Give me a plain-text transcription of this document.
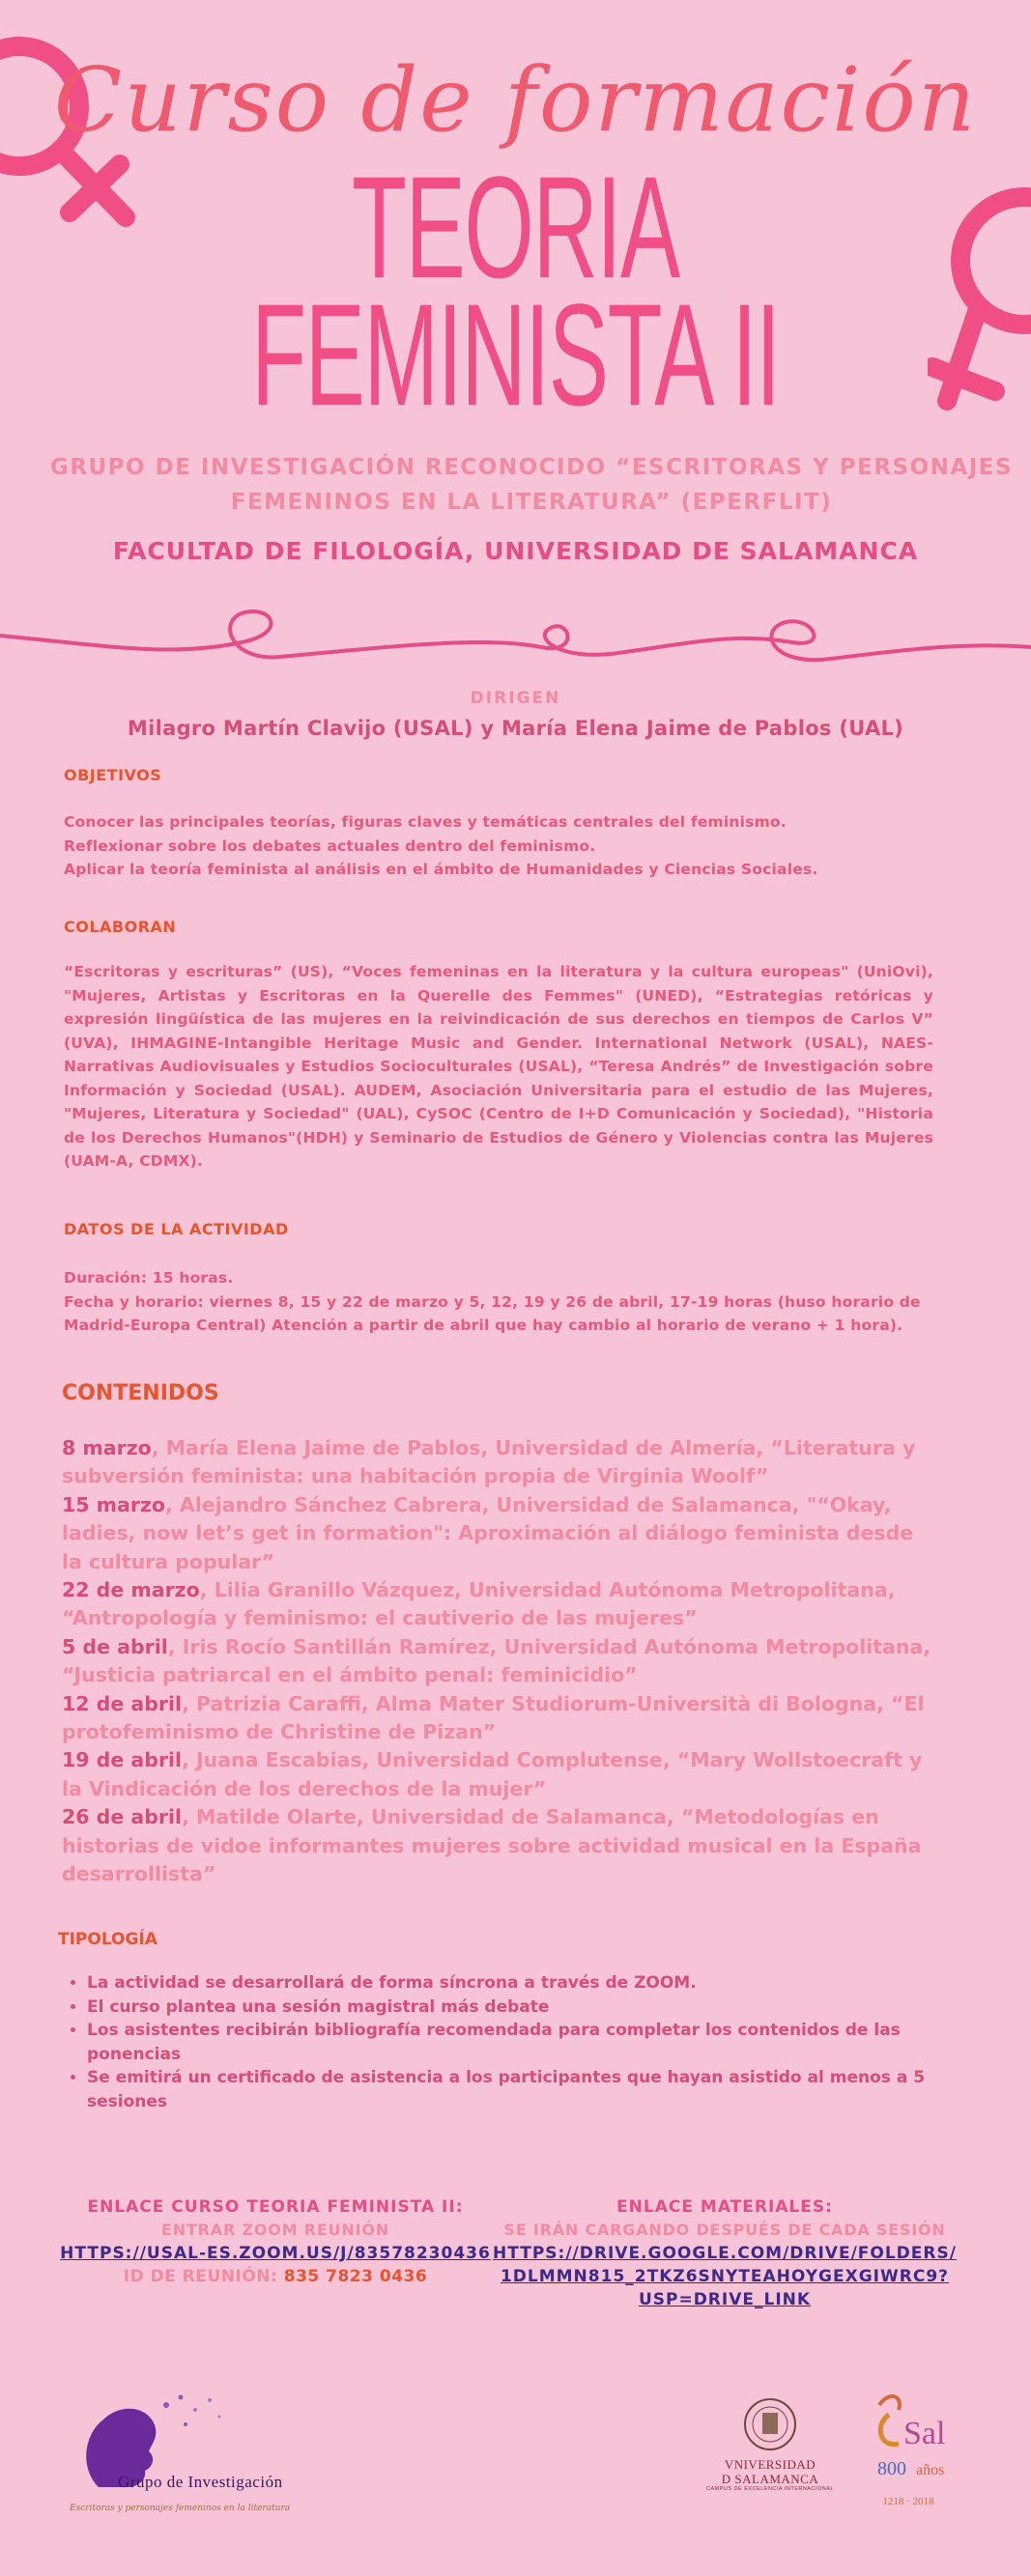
Curso de formación
TEORIA
FEMINISTA II
GRUPO DE INVESTIGACIÓN RECONOCIDO “ESCRITORAS Y PERSONAJES
FEMENINOS EN LA LITERATURA” (EPERFLIT)
FACULTAD DE FILOLOGÍA, UNIVERSIDAD DE SALAMANCA
DIRIGEN
Milagro Martín Clavijo (USAL) y María Elena Jaime de Pablos (UAL)
OBJETIVOS
Conocer las principales teorías, figuras claves y temáticas centrales del feminismo.
Reflexionar sobre los debates actuales dentro del feminismo.
Aplicar la teoría feminista al análisis en el ámbito de Humanidades y Ciencias Sociales.
COLABORAN
“Escritoras y escrituras” (US), “Voces femeninas en la literatura y la cultura europeas" (UniOvi), "Mujeres, Artistas y Escritoras en la Querelle des Femmes" (UNED), “Estrategias retóricas y expresión lingüística de las mujeres en la reivindicación de sus derechos en tiempos de Carlos V” (UVA), IHMAGINE-Intangible Heritage Music and Gender. International Network (USAL), NAES-Narrativas Audiovisuales y Estudios Socioculturales (USAL), “Teresa Andrés” de Investigación sobre Información y Sociedad (USAL). AUDEM, Asociación Universitaria para el estudio de las Mujeres, "Mujeres, Literatura y Sociedad" (UAL), CySOC (Centro de I+D Comunicación y Sociedad), "Historia de los Derechos Humanos"(HDH) y Seminario de Estudios de Género y Violencias contra las Mujeres (UAM-A, CDMX).
DATOS DE LA ACTIVIDAD
Duración: 15 horas.
Fecha y horario: viernes 8, 15 y 22 de marzo y 5, 12, 19 y 26 de abril, 17-19 horas (huso horario de Madrid-Europa Central) Atención a partir de abril que hay cambio al horario de verano + 1 hora).
CONTENIDOS
8 marzo, María Elena Jaime de Pablos, Universidad de Almería, “Literatura y subversión feminista: una habitación propia de Virginia Woolf”
15 marzo, Alejandro Sánchez Cabrera, Universidad de Salamanca, "“Okay, ladies, now let’s get in formation": Aproximación al diálogo feminista desde la cultura popular”
22 de marzo, Lilia Granillo Vázquez, Universidad Autónoma Metropolitana, “Antropología y feminismo: el cautiverio de las mujeres”
5 de abril, Iris Rocío Santillán Ramírez, Universidad Autónoma Metropolitana, “Justicia patriarcal en el ámbito penal: feminicidio”
12 de abril, Patrizia Caraffi, Alma Mater Studiorum-Università di Bologna, “El protofeminismo de Christine de Pizan”
19 de abril, Juana Escabias, Universidad Complutense, “Mary Wollstoecraft y la Vindicación de los derechos de la mujer”
26 de abril, Matilde Olarte, Universidad de Salamanca, “Metodologías en historias de vidoe informantes mujeres sobre actividad musical en la España desarrollista”
TIPOLOGÍA
• La actividad se desarrollará de forma síncrona a través de ZOOM.
• El curso plantea una sesión magistral más debate
• Los asistentes recibirán bibliografía recomendada para completar los contenidos de las ponencias
• Se emitirá un certificado de asistencia a los participantes que hayan asistido al menos a 5 sesiones
ENLACE CURSO TEORIA FEMINISTA II:
ENTRAR ZOOM REUNIÓN
HTTPS://USAL-ES.ZOOM.US/J/83578230436
ID DE REUNIÓN: 835 7823 0436
ENLACE MATERIALES:
SE IRÁN CARGANDO DESPUÉS DE CADA SESIÓN
HTTPS://DRIVE.GOOGLE.COM/DRIVE/FOLDERS/
1DLMMN815_2TKZ6SNYTEAHOYGEXGIWRC9?
USP=DRIVE_LINK
Grupo de Investigación
Escritoras y personajes femeninos en la literatura
VNIVERSIDAD
D SALAMANCA
CAMPUS DE EXCELENCIA INTERNACIONAL
Sal
800 años
1218 · 2018
